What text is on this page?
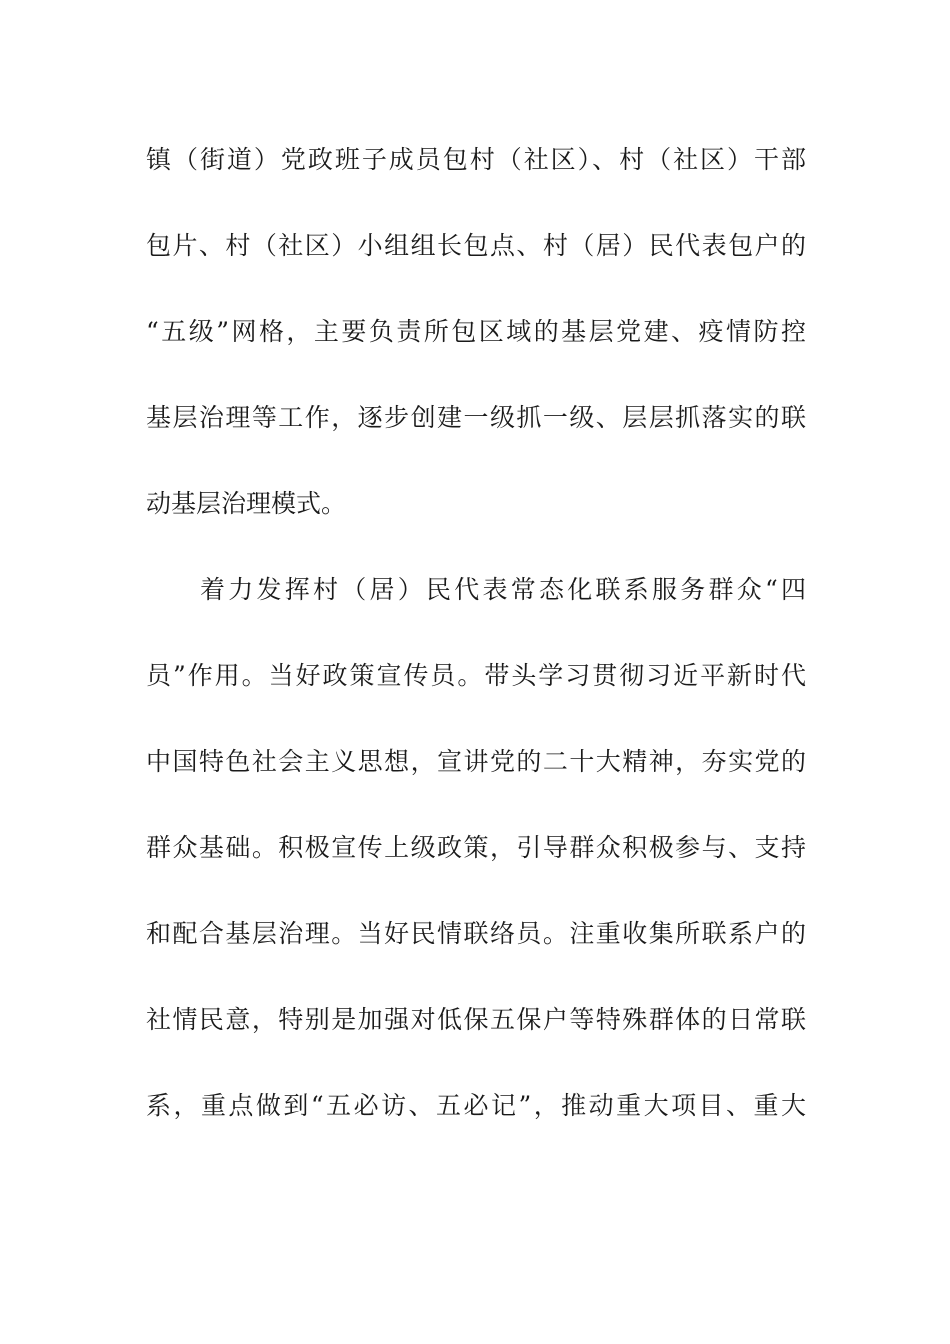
镇（街道）党政班子成员包村（社区）、村（社区）干部
包片、村（社区）小组组长包点、村（居）民代表包户的
“五级”网格，主要负责所包区域的基层党建、疫情防控
基层治理等工作，逐步创建一级抓一级、层层抓落实的联
动基层治理模式。
着力发挥村（居）民代表常态化联系服务群众“四
员”作用。当好政策宣传员。带头学习贯彻习近平新时代
中国特色社会主义思想，宣讲党的二十大精神，夯实党的
群众基础。积极宣传上级政策，引导群众积极参与、支持
和配合基层治理。当好民情联络员。注重收集所联系户的
社情民意，特别是加强对低保五保户等特殊群体的日常联
系，重点做到“五必访、五必记”，推动重大项目、重大
